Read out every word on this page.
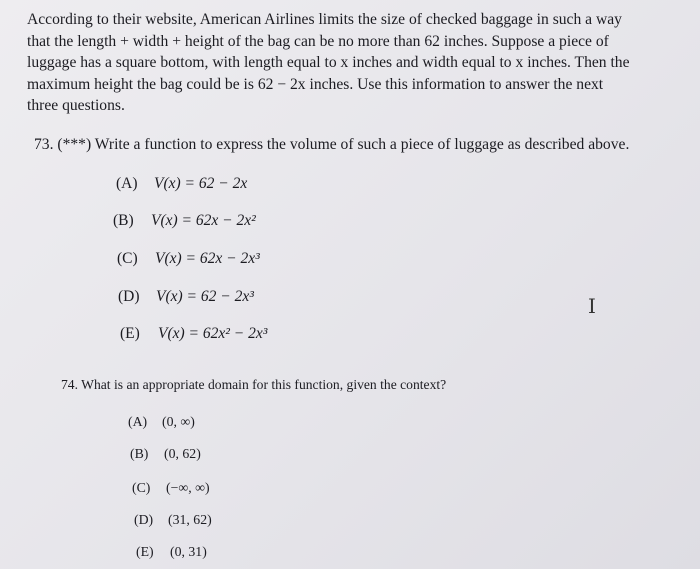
According to their website, American Airlines limits the size of checked baggage in such a way
that the length + width + height of the bag can be no more than 62 inches. Suppose a piece of
luggage has a square bottom, with length equal to x inches and width equal to x inches. Then the
maximum height the bag could be is 62 − 2x inches. Use this information to answer the next
three questions.

73. (***) Write a function to express the volume of such a piece of luggage as described above.
(A) V(x) = 62 − 2x
(B) V(x) = 62x − 2x²
(C) V(x) = 62x − 2x³
(D) V(x) = 62 − 2x³
(E) V(x) = 62x² − 2x³
I
74. What is an appropriate domain for this function, given the context?
(A) (0, ∞)
(B) (0, 62)
(C) (−∞, ∞)
(D) (31, 62)
(E) (0, 31)
